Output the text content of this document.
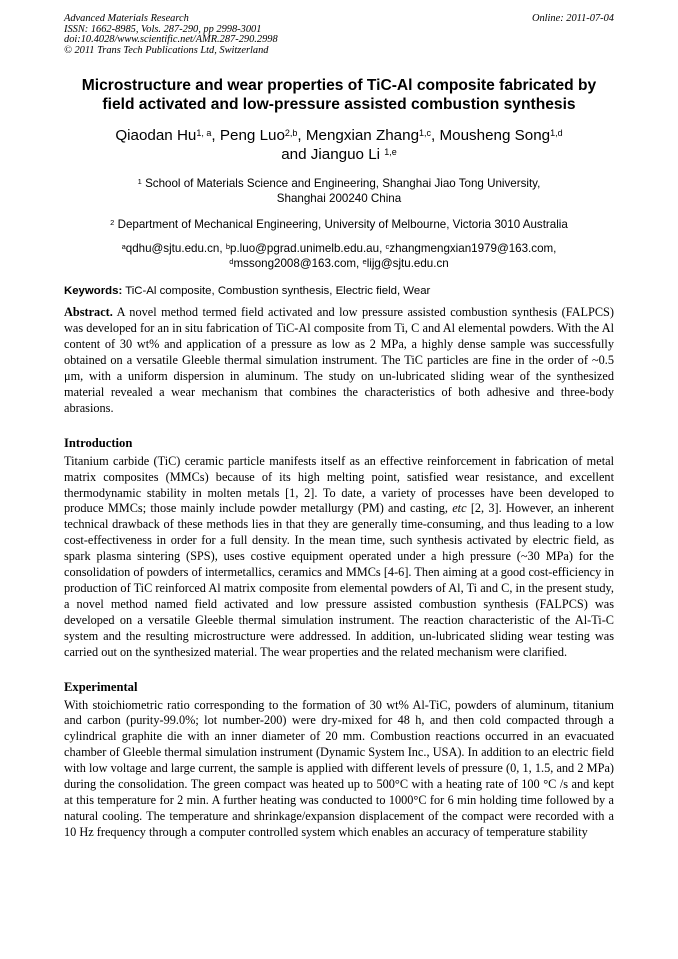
Advanced Materials Research
ISSN: 1662-8985, Vols. 287-290, pp 2998-3001
doi:10.4028/www.scientific.net/AMR.287-290.2998
© 2011 Trans Tech Publications Ltd, Switzerland
Online: 2011-07-04
Microstructure and wear properties of TiC-Al composite fabricated by field activated and low-pressure assisted combustion synthesis
Qiaodan Hu$^{1, a}$, Peng Luo$^{2,b}$, Mengxian Zhang$^{1,c}$, Mousheng Song$^{1,d}$
and Jianguo Li $^{1,e}$
$^1$ School of Materials Science and Engineering, Shanghai Jiao Tong University,
Shanghai 200240 China
$^2$ Department of Mechanical Engineering, University of Melbourne, Victoria 3010 Australia
$^a$qdhu@sjtu.edu.cn, $^b$p.luo@pgrad.unimelb.edu.au, $^c$zhangmengxian1979@163.com,
$^d$mssong2008@163.com, $^e$lijg@sjtu.edu.cn
Keywords: TiC-Al composite, Combustion synthesis, Electric field, Wear
Abstract. A novel method termed field activated and low pressure assisted combustion synthesis (FALPCS) was developed for an in situ fabrication of TiC-Al composite from Ti, C and Al elemental powders. With the Al content of 30 wt% and application of a pressure as low as 2 MPa, a highly dense sample was successfully obtained on a versatile Gleeble thermal simulation instrument. The TiC particles are fine in the order of ~0.5 μm, with a uniform dispersion in aluminum. The study on un-lubricated sliding wear of the synthesized material revealed a wear mechanism that combines the characteristics of both adhesive and three-body abrasions.
Introduction
Titanium carbide (TiC) ceramic particle manifests itself as an effective reinforcement in fabrication of metal matrix composites (MMCs) because of its high melting point, satisfied wear resistance, and excellent thermodynamic stability in molten metals [1, 2]. To date, a variety of processes have been developed to produce MMCs; those mainly include powder metallurgy (PM) and casting, etc [2, 3]. However, an inherent technical drawback of these methods lies in that they are generally time-consuming, and thus leading to a low cost-effectiveness in order for a full density. In the mean time, such synthesis activated by electric field, as spark plasma sintering (SPS), uses costive equipment operated under a high pressure (~30 MPa) for the consolidation of powders of intermetallics, ceramics and MMCs [4-6]. Then aiming at a good cost-efficiency in production of TiC reinforced Al matrix composite from elemental powders of Al, Ti and C, in the present study, a novel method named field activated and low pressure assisted combustion synthesis (FALPCS) was developed on a versatile Gleeble thermal simulation instrument. The reaction characteristic of the Al-Ti-C system and the resulting microstructure were addressed. In addition, un-lubricated sliding wear testing was carried out on the synthesized material. The wear properties and the related mechanism were clarified.
Experimental
With stoichiometric ratio corresponding to the formation of 30 wt% Al-TiC, powders of aluminum, titanium and carbon (purity-99.0%; lot number-200) were dry-mixed for 48 h, and then cold compacted through a cylindrical graphite die with an inner diameter of 20 mm. Combustion reactions occurred in an evacuated chamber of Gleeble thermal simulation instrument (Dynamic System Inc., USA). In addition to an electric field with low voltage and large current, the sample is applied with different levels of pressure (0, 1, 1.5, and 2 MPa) during the consolidation. The green compact was heated up to 500°C with a heating rate of 100 °C /s and kept at this temperature for 2 min. A further heating was conducted to 1000°C for 6 min holding time followed by a natural cooling. The temperature and shrinkage/expansion displacement of the compact were recorded with a 10 Hz frequency through a computer controlled system which enables an accuracy of temperature stability
